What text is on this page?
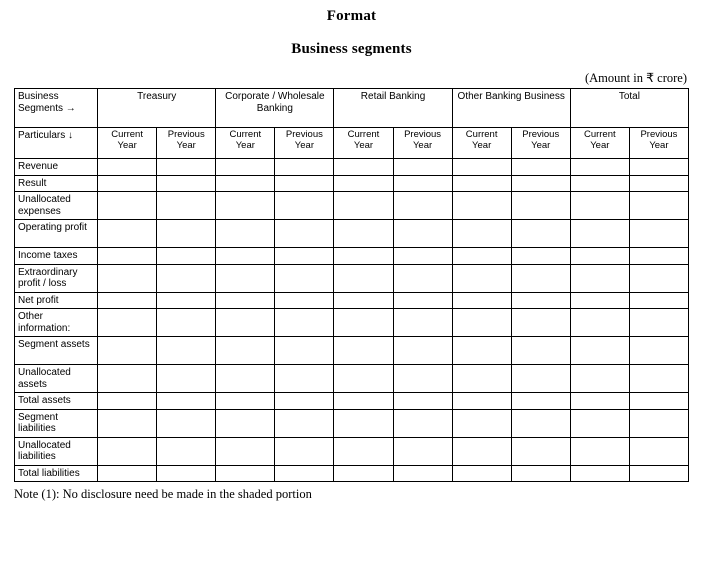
Format
Business segments
(Amount in ₹ crore)
Business Segments →	Treasury		Corporate / Wholesale Banking		Retail Banking		Other Banking Business		Total	
Particulars ↓	Current Year	Previous Year	Current Year	Previous Year	Current Year	Previous Year	Current Year	Previous Year	Current Year	Previous Year
Revenue										
Result										
Unallocated expenses										
Operating profit										
Income taxes										
Extraordinary profit / loss										
Net profit										
Other information:										
Segment assets										
Unallocated assets										
Total assets										
Segment liabilities										
Unallocated liabilities										
Total liabilities										
Note (1): No disclosure need be made in the shaded portion
